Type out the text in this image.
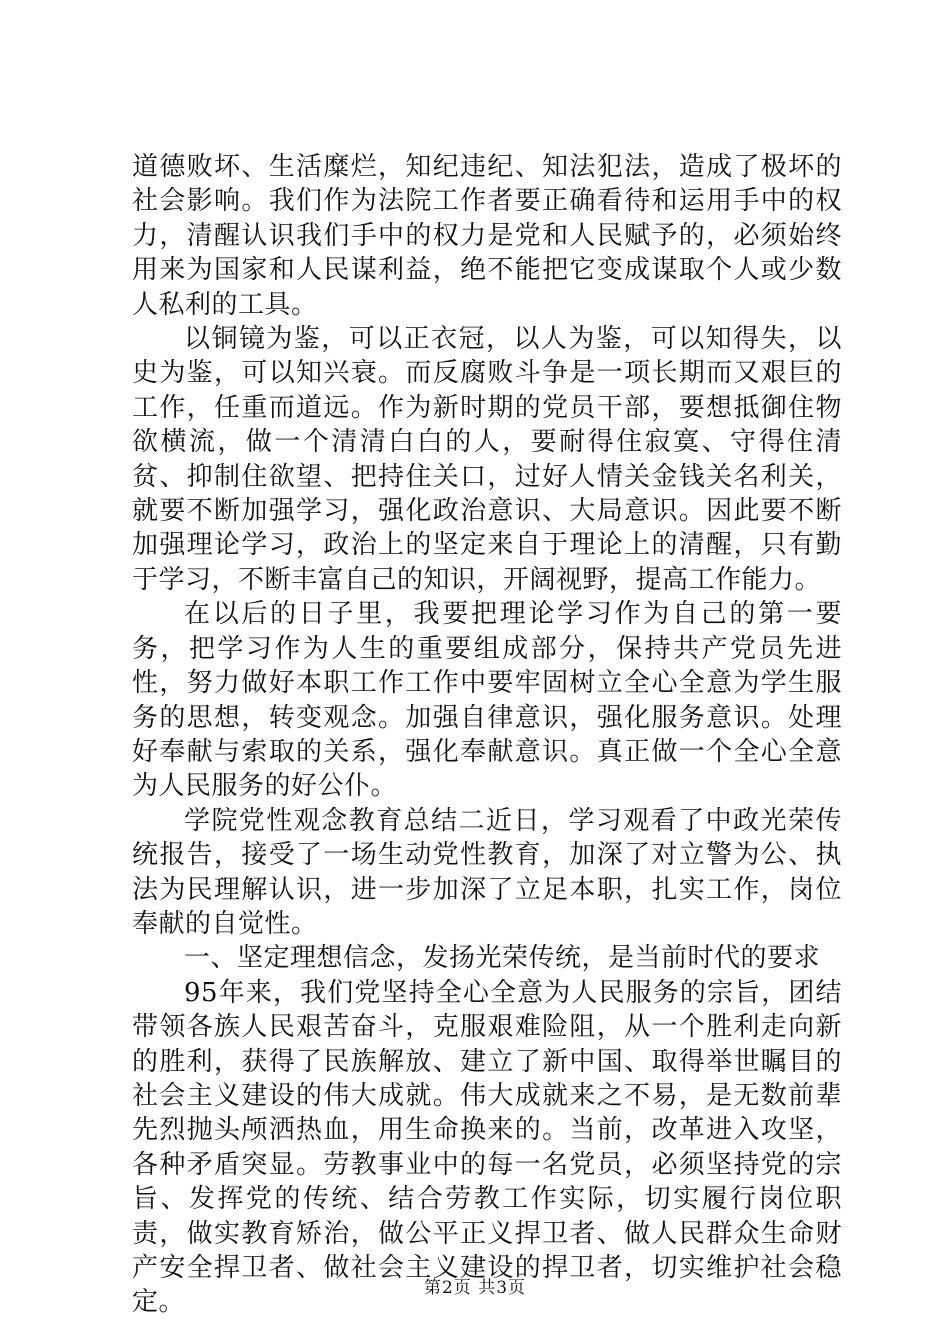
道德败坏、生活糜烂，知纪违纪、知法犯法，造成了极坏的社会影响。我们作为法院工作者要正确看待和运用手中的权力，清醒认识我们手中的权力是党和人民赋予的，必须始终用来为国家和人民谋利益，绝不能把它变成谋取个人或少数人私利的工具。

以铜镜为鉴，可以正衣冠，以人为鉴，可以知得失，以史为鉴，可以知兴衰。而反腐败斗争是一项长期而又艰巨的工作，任重而道远。作为新时期的党员干部，要想抵御住物欲横流，做一个清清白白的人，要耐得住寂寞、守得住清贫、抑制住欲望、把持住关口，过好人情关金钱关名利关，就要不断加强学习，强化政治意识、大局意识。因此要不断加强理论学习，政治上的坚定来自于理论上的清醒，只有勤于学习，不断丰富自己的知识，开阔视野，提高工作能力。

在以后的日子里，我要把理论学习作为自己的第一要务，把学习作为人生的重要组成部分，保持共产党员先进性，努力做好本职工作工作中要牢固树立全心全意为学生服务的思想，转变观念。加强自律意识，强化服务意识。处理好奉献与索取的关系，强化奉献意识。真正做一个全心全意为人民服务的好公仆。

学院党性观念教育总结二近日，学习观看了中政光荣传统报告，接受了一场生动党性教育，加深了对立警为公、执法为民理解认识，进一步加深了立足本职，扎实工作，岗位奉献的自觉性。

一、坚定理想信念，发扬光荣传统，是当前时代的要求

95年来，我们党坚持全心全意为人民服务的宗旨，团结带领各族人民艰苦奋斗，克服艰难险阻，从一个胜利走向新的胜利，获得了民族解放、建立了新中国、取得举世瞩目的社会主义建设的伟大成就。伟大成就来之不易，是无数前辈先烈抛头颅洒热血，用生命换来的。当前，改革进入攻坚，各种矛盾突显。劳教事业中的每一名党员，必须坚持党的宗旨、发挥党的传统、结合劳教工作实际，切实履行岗位职责，做实教育矫治，做公平正义捍卫者、做人民群众生命财产安全捍卫者、做社会主义建设的捍卫者，切实维护社会稳定。	第2页 共3页
